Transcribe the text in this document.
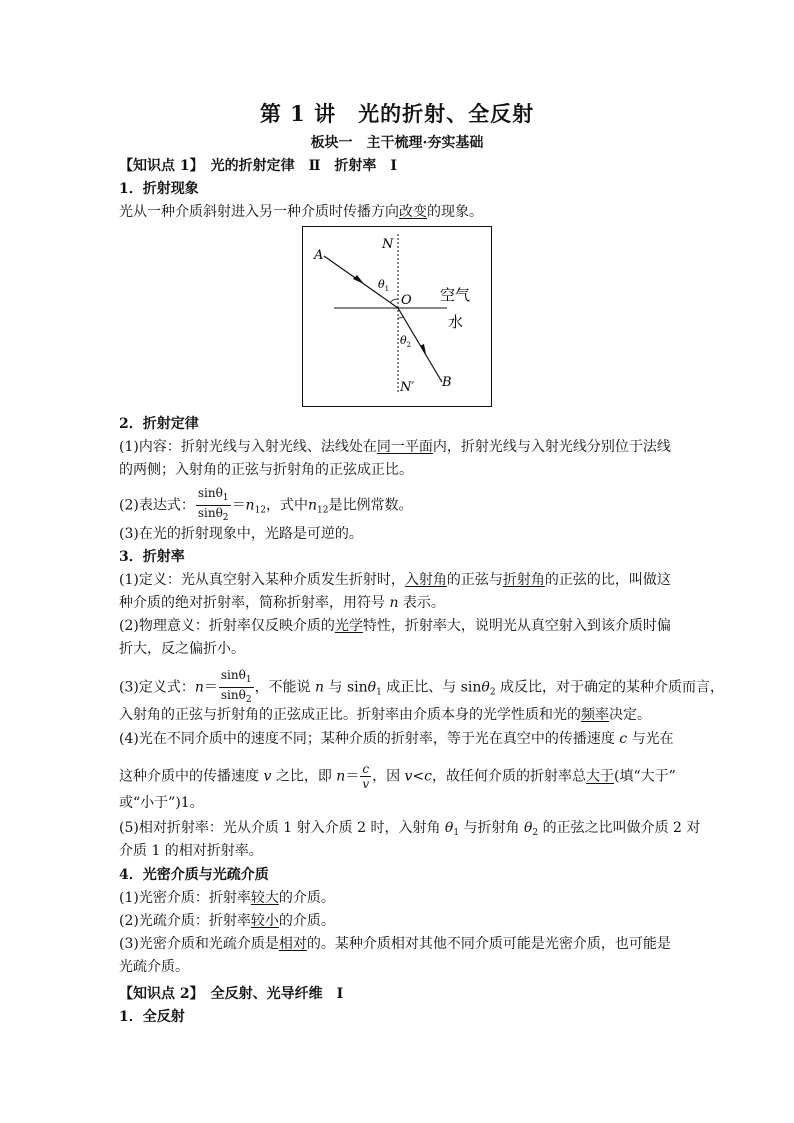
第 1 讲　光的折射、全反射
板块一　主干梳理·夯实基础
【知识点 1】　光的折射定律　Ⅱ　折射率　Ⅰ
1．折射现象
光从一种介质斜射进入另一种介质时传播方向改变的现象。
A
N
$\theta_1$
O 空气
水
$\theta_2$
N′ B
2．折射定律
(1)内容：折射光线与入射光线、法线处在同一平面内，折射光线与入射光线分别位于法线
的两侧；入射角的正弦与折射角的正弦成正比。
(2)表达式： $\frac{\sin\theta_1}{\sin\theta_2} =n_{12}$，式中$n_{12}$是比例常数。
(3)在光的折射现象中，光路是可逆的。
3．折射率
(1)定义：光从真空射入某种介质发生折射时，入射角的正弦与折射角的正弦的比，叫做这
种介质的绝对折射率，简称折射率，用符号 n 表示。
(2)物理意义：折射率仅反映介质的光学特性，折射率大，说明光从真空射入到该介质时偏
折大，反之偏折小。
(3)定义式：$n= \frac{\sin\theta_1}{\sin\theta_2}$ ，不能说 n 与 sinθ$_1$ 成正比、与 sinθ$_2$ 成反比，对于确定的某种介质而言，
入射角的正弦与折射角的正弦成正比。折射率由介质本身的光学性质和光的频率决定。
(4)光在不同介质中的速度不同；某种介质的折射率，等于光在真空中的传播速度 c 与光在
这种介质中的传播速度 v 之比，即 $n= \frac{c}{v}$ ，因 v<c，故任何介质的折射率总大于(填“大于”
或“小于”)1。
(5)相对折射率：光从介质 1 射入介质 2 时，入射角 $\theta_1$ 与折射角 $\theta_2$ 的正弦之比叫做介质 2 对
介质 1 的相对折射率。
4．光密介质与光疏介质
(1)光密介质：折射率较大的介质。
(2)光疏介质：折射率较小的介质。
(3)光密介质和光疏介质是相对的。某种介质相对其他不同介质可能是光密介质，也可能是
光疏介质。
【知识点 2】　全反射、光导纤维　Ⅰ
1．全反射
